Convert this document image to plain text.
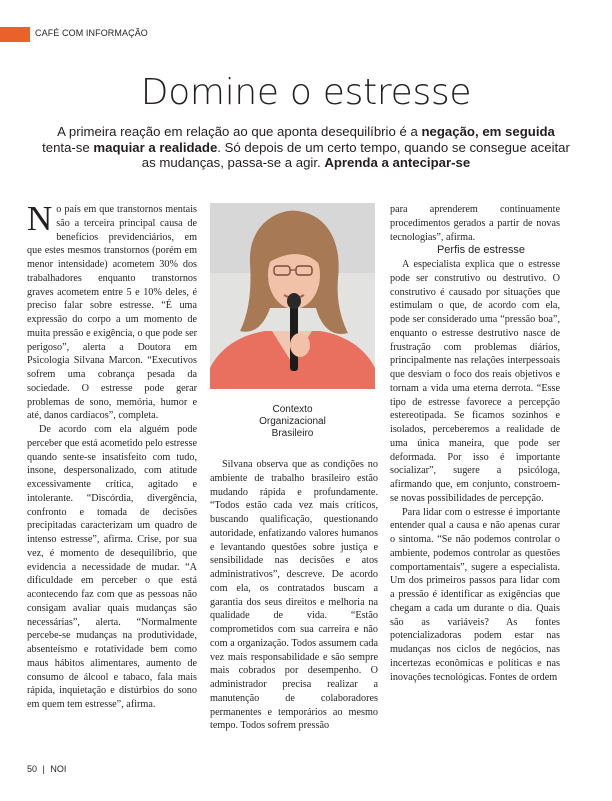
CAFÉ COM INFORMAÇÃO
Domine o estresse
A primeira reação em relação ao que aponta desequilíbrio é a negação, em seguida tenta-se maquiar a realidade. Só depois de um certo tempo, quando se consegue aceitar as mudanças, passa-se a agir. Aprenda a antecipar-se

No país em que transtornos mentais são a terceira principal causa de benefícios previdenciários, em que estes mesmos transtornos (porém em menor intensidade) acometem 30% dos trabalhadores enquanto transtornos graves acometem entre 5 e 10% deles, é preciso falar sobre estresse. “É uma expressão do corpo a um momento de muita pressão e exigência, o que pode ser perigoso”, alerta a Doutora em Psicologia Silvana Marcon. “Executivos sofrem uma cobrança pesada da sociedade. O estresse pode gerar problemas de sono, memória, humor e até, danos cardíacos”, completa.

De acordo com ela alguém pode perceber que está acometido pelo estresse quando sente-se insatisfeito com tudo, insone, despersonalizado, com atitude excessivamente crítica, agitado e intolerante. “Discórdia, divergência, confronto e tomada de decisões precipitadas caracterizam um quadro de intenso estresse”, afirma. Crise, por sua vez, é momento de desequilíbrio, que evidencia a necessidade de mudar. “A dificuldade em perceber o que está acontecendo faz com que as pessoas não consigam avaliar quais mudanças são necessárias”, alerta. “Normalmente percebe-se mudanças na produtividade, absenteísmo e rotatividade bem como maus hábitos alimentares, aumento de consumo de álcool e tabaco, fala mais rápida, inquietação e distúrbios do sono em quem tem estresse”, afirma.

Contexto
Organizacional
Brasileiro

Silvana observa que as condições no ambiente de trabalho brasileiro estão mudando rápida e profundamente. “Todos estão cada vez mais críticos, buscando qualificação, questionando autoridade, enfatizando valores humanos e levantando questões sobre justiça e sensibilidade nas decisões e atos administrativos”, descreve. De acordo com ela, os contratados buscam a garantia dos seus direitos e melhoria na qualidade de vida. “Estão comprometidos com sua carreira e não com a organização. Todos assumem cada vez mais responsabilidade e são sempre mais cobrados por desempenho. O administrador precisa realizar a manutenção de colaboradores permanentes e temporários ao mesmo tempo. Todos sofrem pressão

para aprenderem continuamente procedimentos gerados a partir de novas tecnologias”, afirma.

Perfis de estresse

A especialista explica que o estresse pode ser construtivo ou destrutivo. O construtivo é causado por situações que estimulam o que, de acordo com ela, pode ser considerado uma “pressão boa”, enquanto o estresse destrutivo nasce de frustração com problemas diários, principalmente nas relações interpessoais que desviam o foco dos reais objetivos e tornam a vida uma eterna derrota. “Esse tipo de estresse favorece a percepção estereotipada. Se ficamos sozinhos e isolados, perceberemos a realidade de uma única maneira, que pode ser deformada. Por isso é importante socializar”, sugere a psicóloga, afirmando que, em conjunto, constroem-se novas possibilidades de percepção.

Para lidar com o estresse é importante entender qual a causa e não apenas curar o sintoma. “Se não podemos controlar o ambiente, podemos controlar as questões comportamentais”, sugere a especialista. Um dos primeiros passos para lidar com a pressão é identificar as exigências que chegam a cada um durante o dia. Quais são as variáveis? As fontes potencializadoras podem estar nas mudanças nos ciclos de negócios, nas incertezas econômicas e políticas e nas inovações tecnológicas. Fontes de ordem

50 | NOI
